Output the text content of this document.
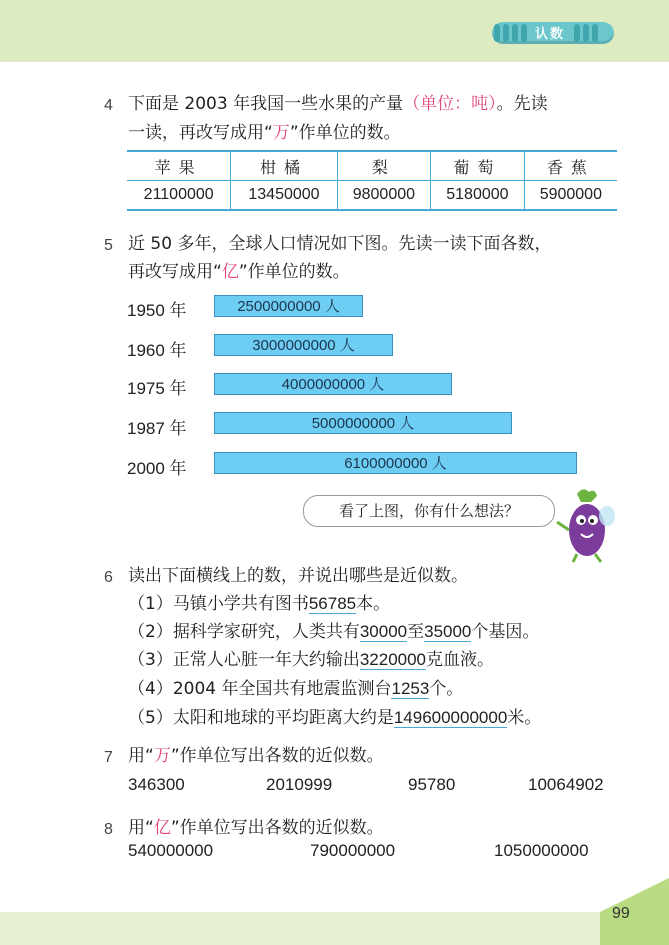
认数
4 下面是 2003 年我国一些水果的产量（单位：吨）。先读
一读，再改写成用“万”作单位的数。
苹果	柑橘	梨	葡萄	香蕉
21100000	13450000	9800000	5180000	5900000
5 近 50 多年，全球人口情况如下图。先读一读下面各数，
再改写成用“亿”作单位的数。
1950 年
1960 年
1975 年
1987 年
2000 年
2500000000 人
3000000000 人
4000000000 人
5000000000 人
6100000000 人
看了上图，你有什么想法？
6 读出下面横线上的数，并说出哪些是近似数。
（1）马镇小学共有图书56785本。
（2）据科学家研究，人类共有30000至35000个基因。
（3）正常人心脏一年大约输出3220000克血液。
（4）2004 年全国共有地震监测台1253个。
（5）太阳和地球的平均距离大约是149600000000米。
7 用“万”作单位写出各数的近似数。
346300	2010999	95780	10064902
8 用“亿”作单位写出各数的近似数。
540000000	790000000	1050000000
99
